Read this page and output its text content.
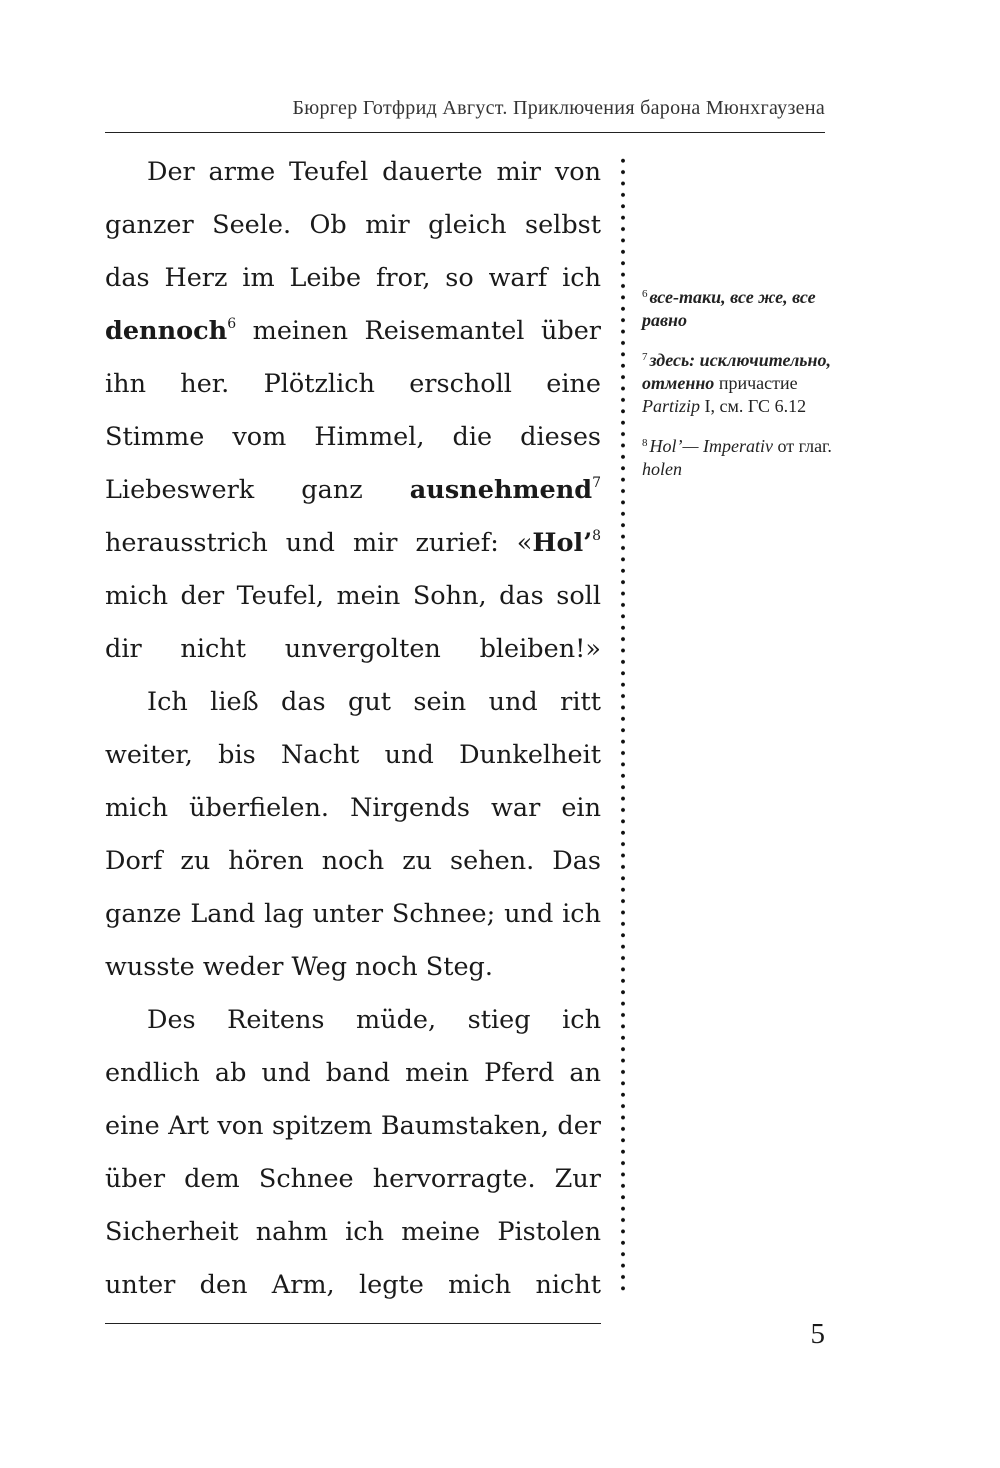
Бюргер Готфрид Август. Приключения барона Мюнхгаузена

Der arme Teufel dauerte mir von ganzer Seele. Ob mir gleich selbst das Herz im Leibe fror, so warf ich dennoch$^6$ meinen Reisemantel über ihn her. Plötzlich erscholl eine Stimme vom Himmel, die dieses Liebeswerk ganz ausnehmend$^7$ herausstrich und mir zurief: «Hol’$^8$ mich der Teufel, mein Sohn, das soll dir nicht unvergolten bleiben!»

Ich ließ das gut sein und ritt weiter, bis Nacht und Dunkelheit mich überfielen. Nirgends war ein Dorf zu hören noch zu sehen. Das ganze Land lag unter Schnee; und ich wusste weder Weg noch Steg.

Des Reitens müde, stieg ich endlich ab und band mein Pferd an eine Art von spitzem Baumstaken, der über dem Schnee hervorragte. Zur Sicherheit nahm ich meine Pistolen unter den Arm, legte mich nicht

$^6$ все-таки, все же, все равно
$^7$ здесь: исключительно, отменно причастие Partizip I, см. ГС 6.12
$^8$ Hol’— Imperativ от глаг. holen
5
